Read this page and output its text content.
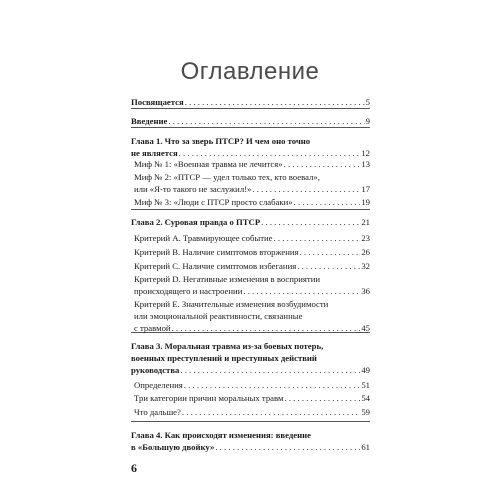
Оглавление
6
Посвящается . . .	5
Введение . . .	9
Глава 1. Что за зверь ПТСР? И чем оно точно
не является . . .	12
Миф № 1: «Военная травма не лечится» . . .	13
Миф № 2: «ПТСР — удел только тех, кто воевал»,
или «Я-то такого не заслужил!» . . .	17
Миф № 3: «Люди с ПТСР просто слабаки» . . .	19
Глава 2. Суровая правда о ПТСР . . .	21
Критерий А. Травмирующее событие . . .	23
Критерий В. Наличие симптомов вторжения . . .	26
Критерий С. Наличие симптомов избегания . . .	32
Критерий D. Негативные изменения в восприятии
происходящего и настроении . . .	36
Критерий Е. Значительные изменения возбудимости
или эмоциональной реактивности, связанные
с травмой . . .	45
Глава 3. Моральная травма из-за боевых потерь,
военных преступлений и преступных действий
руководства . . .	49
Определения . . .	51
Три категории причин моральных травм . . .	54
Что дальше? . . .	59
Глава 4. Как происходят изменения: введение
в «Большую двойку» . . .	61
